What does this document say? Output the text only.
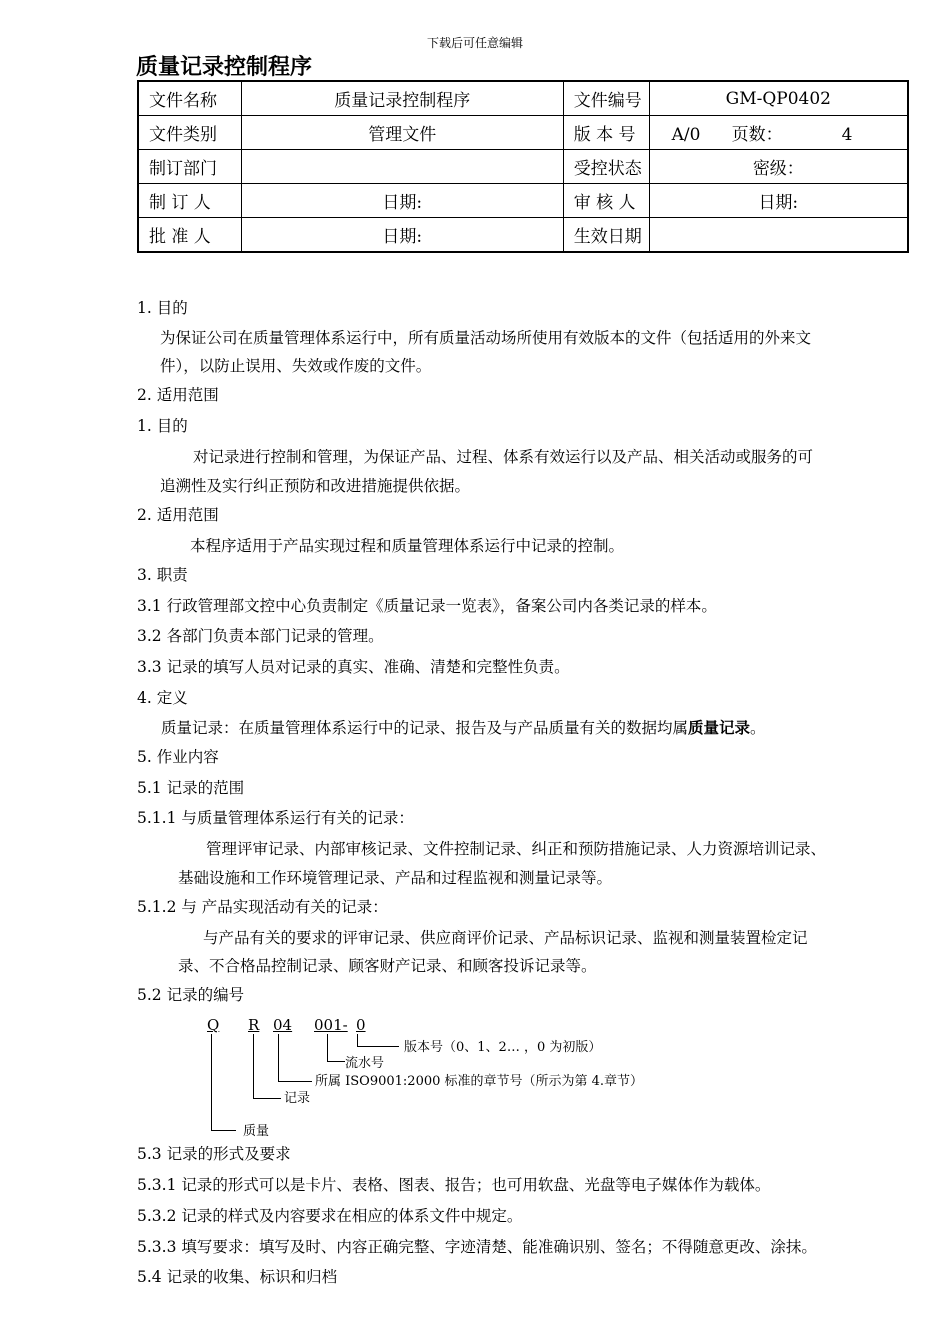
下载后可任意编辑
质量记录控制程序
文件名称	质量记录控制程序	文件编号	GM-QP0402
文件类别	管理文件	版 本 号	A/0 页数： 4
制订部门		受控状态	密级：
制 订 人	日期:	审 核 人	日期:
批 准 人	日期:	生效日期	
1. 目的
为保证公司在质量管理体系运行中，所有质量活动场所使用有效版本的文件（包括适用的外来文
件），以防止误用、失效或作废的文件。
2. 适用范围
1. 目的
对记录进行控制和管理，为保证产品、过程、体系有效运行以及产品、相关活动或服务的可
追溯性及实行纠正预防和改进措施提供依据。
2. 适用范围
本程序适用于产品实现过程和质量管理体系运行中记录的控制。
3. 职责
3.1 行政管理部文控中心负责制定《质量记录一览表》，备案公司内各类记录的样本。
3.2 各部门负责本部门记录的管理。
3.3 记录的填写人员对记录的真实、准确、清楚和完整性负责。
4. 定义
质量记录：在质量管理体系运行中的记录、报告及与产品质量有关的数据均属质量记录。
5. 作业内容
5.1 记录的范围
5.1.1 与质量管理体系运行有关的记录：
管理评审记录、内部审核记录、文件控制记录、纠正和预防措施记录、人力资源培训记录、
基础设施和工作环境管理记录、产品和过程监视和测量记录等。
5.1.2 与 产品实现活动有关的记录：
与产品有关的要求的评审记录、供应商评价记录、产品标识记录、监视和测量装置检定记
录、不合格品控制记录、顾客财产记录、和顾客投诉记录等。
5.2 记录的编号
Q R 04 001- 0
版本号（0、1、2… ，0 为初版）
流水号
所属 ISO9001:2000 标准的章节号（所示为第 4.章节）
记录
质量
5.3 记录的形式及要求
5.3.1 记录的形式可以是卡片、表格、图表、报告；也可用软盘、光盘等电子媒体作为载体。
5.3.2 记录的样式及内容要求在相应的体系文件中规定。
5.3.3 填写要求：填写及时、内容正确完整、字迹清楚、能准确识别、签名；不得随意更改、涂抹。
5.4 记录的收集、标识和归档
